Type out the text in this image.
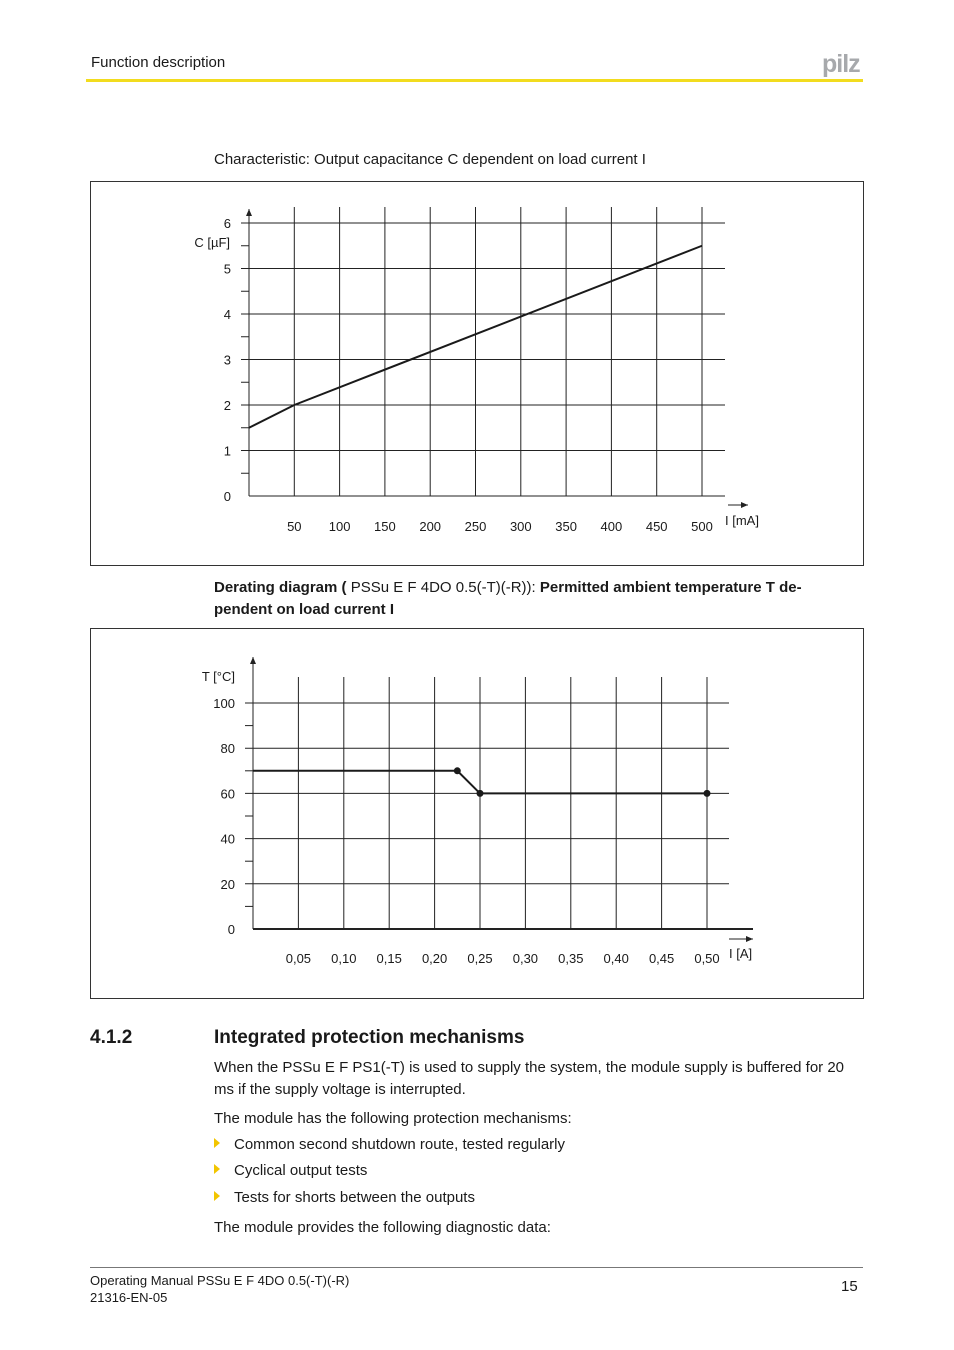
Function description	pilz
Characteristic: Output capacitance C dependent on load current I
50 100 150 200 250 300 350 400 450 500
0
1
2
3
4
5
6
C [µF]
I [mA]
Derating diagram ( PSSu E F 4DO 0.5(-T)(-R)): Permitted ambient temperature T de-pendent on load current I
0,05 0,10 0,15 0,20 0,25 0,30 0,35 0,40 0,45 0,50
0
20
40
60
80
100
T [°C]
I [A]
4.1.2	Integrated protection mechanisms
When the PSSu E F PS1(-T) is used to supply the system, the module supply is buffered for 20 ms if the supply voltage is interrupted.
The module has the following protection mechanisms:
Common second shutdown route, tested regularly
Cyclical output tests
Tests for shorts between the outputs
The module provides the following diagnostic data:
Operating Manual PSSu E F 4DO 0.5(-T)(-R)
21316-EN-05
15
